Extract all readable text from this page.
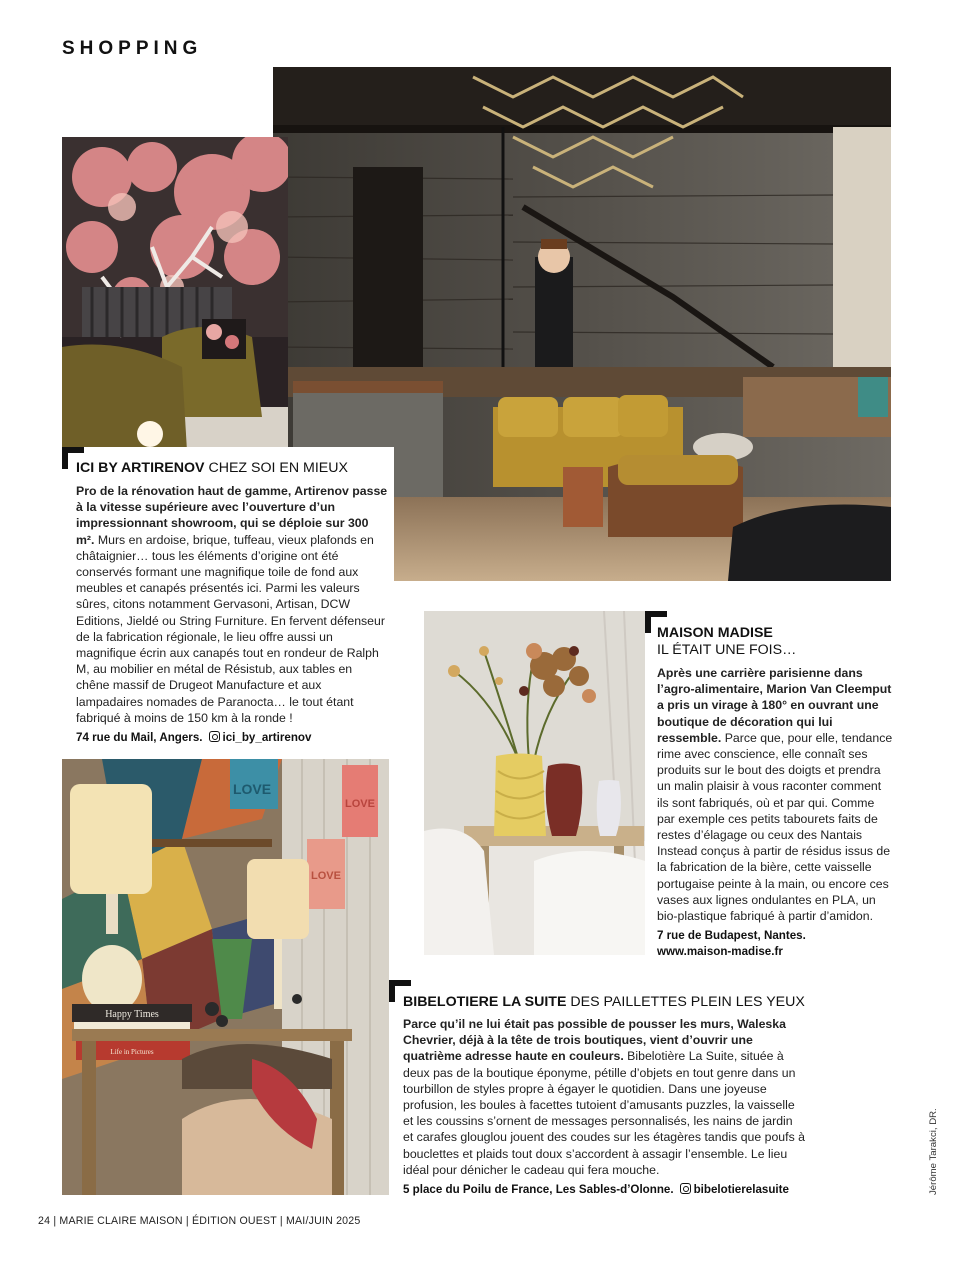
SHOPPING
ICI BY ARTIRENOV CHEZ SOI EN MIEUX
Pro de la rénovation haut de gamme, Artirenov passe à la vitesse supérieure avec l’ouverture d’un impressionnant showroom, qui se déploie sur 300 m². Murs en ardoise, brique, tuffeau, vieux plafonds en châtaignier… tous les éléments d’origine ont été conservés formant une magnifique toile de fond aux meubles et canapés présentés ici. Parmi les valeurs sûres, citons notamment Gervasoni, Artisan, DCW Editions, Jieldé ou String Furniture. En fervent défenseur de la fabrication régionale, le lieu offre aussi un magnifique écrin aux canapés tout en rondeur de Ralph M, au mobilier en métal de Résistub, aux tables en chêne massif de Drugeot Manufacture et aux lampadaires nomades de Paranocta… le tout étant fabriqué à moins de 150 km à la ronde !
74 rue du Mail, Angers. ici_by_artirenov
MAISON MADISE
IL ÉTAIT UNE FOIS…
Après une carrière parisienne dans l’agro-alimentaire, Marion Van Cleemput a pris un virage à 180° en ouvrant une boutique de décoration qui lui ressemble. Parce que, pour elle, tendance rime avec conscience, elle connaît ses produits sur le bout des doigts et prendra un malin plaisir à vous raconter comment ils sont fabriqués, où et par qui. Comme par exemple ces petits tabourets faits de restes d’élagage ou ceux des Nantais Instead conçus à partir de résidus issus de la fabrication de la bière, cette vaisselle portugaise peinte à la main, ou encore ces vases aux lignes ondulantes en PLA, un bio-plastique fabriqué à partir d’amidon.
7 rue de Budapest, Nantes.
www.maison-madise.fr
LOVE
LOVE
LOVE
Happy Times
Life in Pictures
BIBELOTIERE LA SUITE DES PAILLETTES PLEIN LES YEUX
Parce qu’il ne lui était pas possible de pousser les murs, Waleska Chevrier, déjà à la tête de trois boutiques, vient d’ouvrir une quatrième adresse haute en couleurs. Bibelotière La Suite, située à deux pas de la boutique éponyme, pétille d’objets en tout genre dans un tourbillon de styles propre à égayer le quotidien. Dans une joyeuse profusion, les boules à facettes tutoient d’amusants puzzles, la vaisselle et les coussins s’ornent de messages personnalisés, les nains de jardin et carafes glouglou jouent des coudes sur les étagères tandis que poufs à bouclettes et plaids tout doux s’accordent à assagir l’ensemble. Le lieu idéal pour dénicher le cadeau qui fera mouche.
5 place du Poilu de France, Les Sables-d’Olonne. bibelotierelasuite
24 | MARIE CLAIRE MAISON | ÉDITION OUEST | MAI/JUIN 2025
Jérôme Tarakci, DR.
